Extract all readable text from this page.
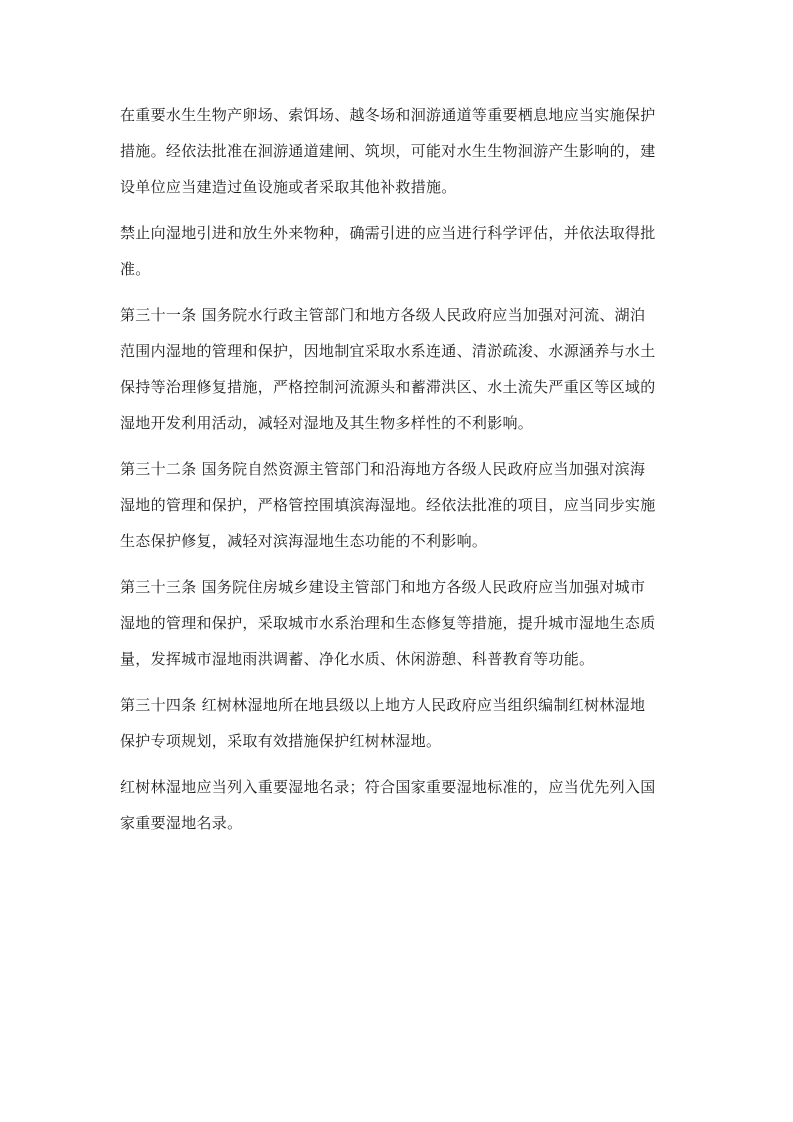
在重要水生生物产卵场、索饵场、越冬场和洄游通道等重要栖息地应当实施保护
措施。经依法批准在洄游通道建闸、筑坝，可能对水生生物洄游产生影响的，建
设单位应当建造过鱼设施或者采取其他补救措施。
禁止向湿地引进和放生外来物种，确需引进的应当进行科学评估，并依法取得批
准。
第三十一条 国务院水行政主管部门和地方各级人民政府应当加强对河流、湖泊
范围内湿地的管理和保护，因地制宜采取水系连通、清淤疏浚、水源涵养与水土
保持等治理修复措施，严格控制河流源头和蓄滞洪区、水土流失严重区等区域的
湿地开发利用活动，减轻对湿地及其生物多样性的不利影响。
第三十二条 国务院自然资源主管部门和沿海地方各级人民政府应当加强对滨海
湿地的管理和保护，严格管控围填滨海湿地。经依法批准的项目，应当同步实施
生态保护修复，减轻对滨海湿地生态功能的不利影响。
第三十三条 国务院住房城乡建设主管部门和地方各级人民政府应当加强对城市
湿地的管理和保护，采取城市水系治理和生态修复等措施，提升城市湿地生态质
量，发挥城市湿地雨洪调蓄、净化水质、休闲游憩、科普教育等功能。
第三十四条 红树林湿地所在地县级以上地方人民政府应当组织编制红树林湿地
保护专项规划，采取有效措施保护红树林湿地。
红树林湿地应当列入重要湿地名录；符合国家重要湿地标准的，应当优先列入国
家重要湿地名录。
